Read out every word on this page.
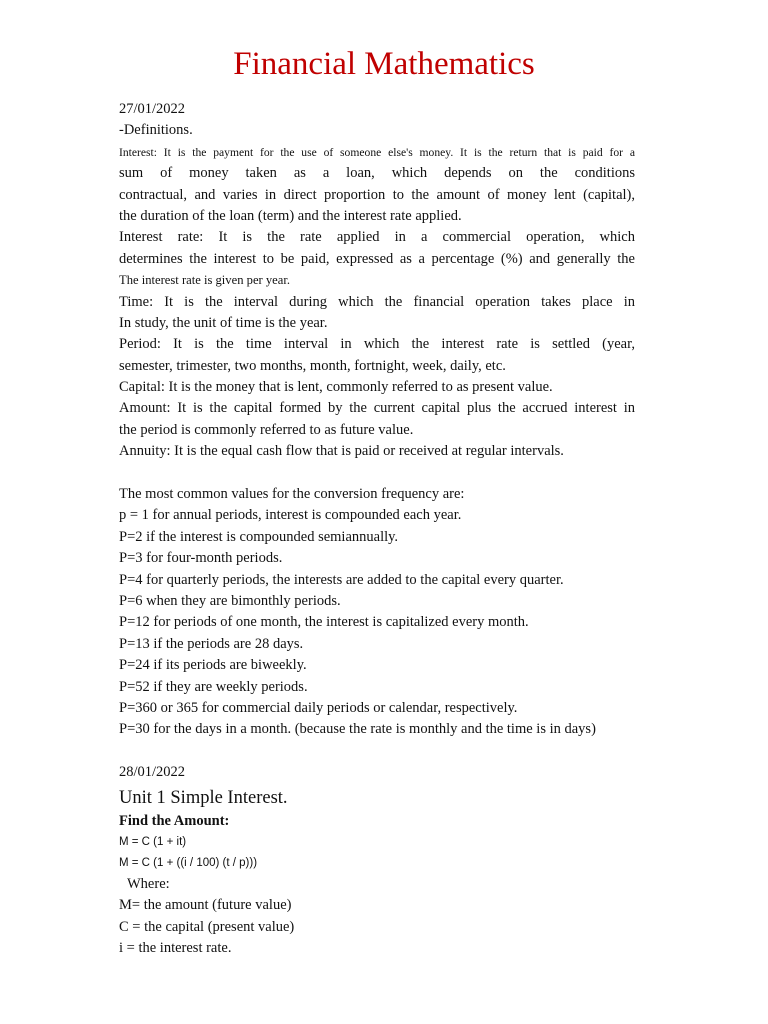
Financial Mathematics
27/01/2022
-Definitions.
Interest: It is the payment for the use of someone else's money. It is the return that is paid for a
sum of money taken as a loan, which depends on the conditions
contractual, and varies in direct proportion to the amount of money lent (capital),
the duration of the loan (term) and the interest rate applied.
Interest rate: It is the rate applied in a commercial operation, which
determines the interest to be paid, expressed as a percentage (%) and generally the
The interest rate is given per year.
Time: It is the interval during which the financial operation takes place in
In study, the unit of time is the year.
Period: It is the time interval in which the interest rate is settled (year,
semester, trimester, two months, month, fortnight, week, daily, etc.
Capital: It is the money that is lent, commonly referred to as present value.
Amount: It is the capital formed by the current capital plus the accrued interest in
the period is commonly referred to as future value.
Annuity: It is the equal cash flow that is paid or received at regular intervals.
The most common values for the conversion frequency are:
p = 1 for annual periods, interest is compounded each year.
P=2 if the interest is compounded semiannually.
P=3 for four-month periods.
P=4 for quarterly periods, the interests are added to the capital every quarter.
P=6 when they are bimonthly periods.
P=12 for periods of one month, the interest is capitalized every month.
P=13 if the periods are 28 days.
P=24 if its periods are biweekly.
P=52 if they are weekly periods.
P=360 or 365 for commercial daily periods or calendar, respectively.
P=30 for the days in a month. (because the rate is monthly and the time is in days)
28/01/2022
Unit 1 Simple Interest.
Find the Amount:
M = C (1 + it)
M = C (1 + ((i / 100) (t / p)))
Where:
M= the amount (future value)
C = the capital (present value)
i = the interest rate.
